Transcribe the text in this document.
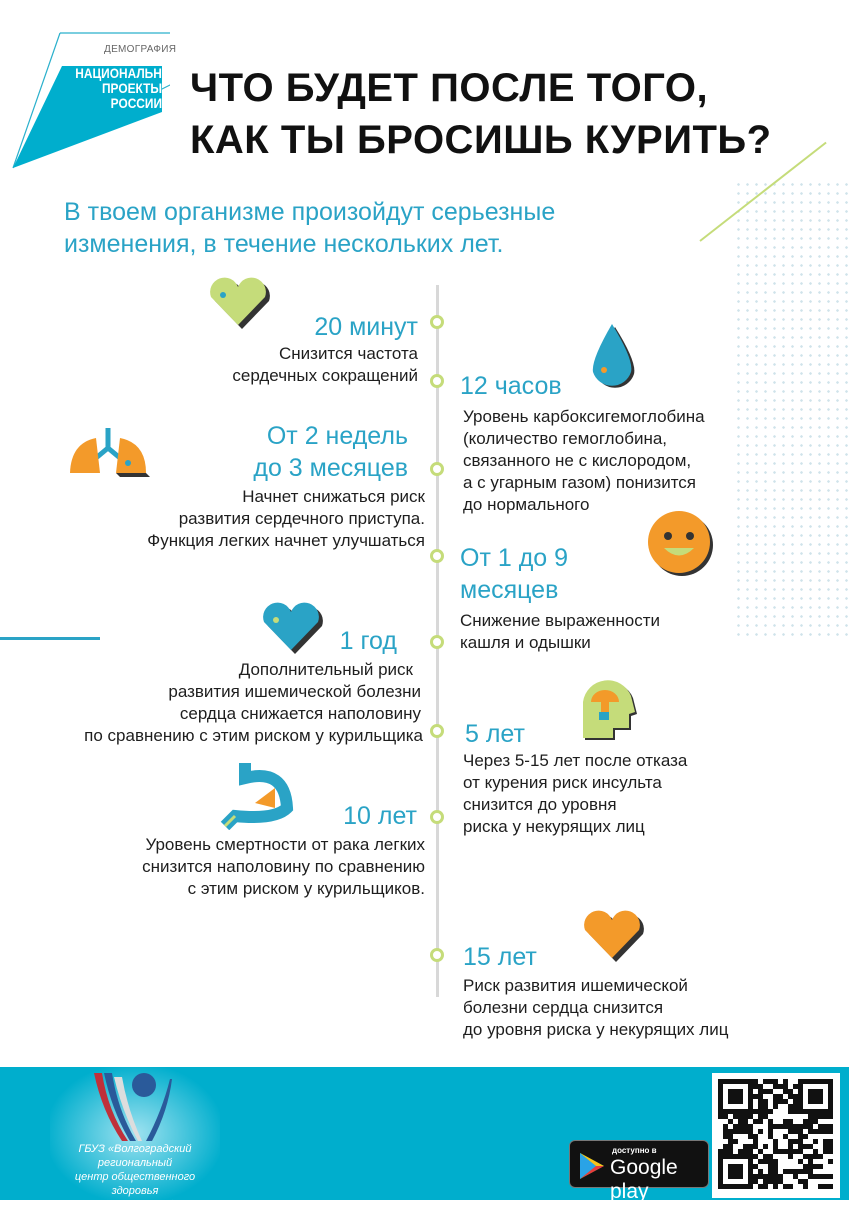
ДЕМОГРАФИЯ
НАЦИОНАЛЬНЫЕ
ПРОЕКТЫ
РОССИИ ЧТО БУДЕТ ПОСЛЕ ТОГО,
КАК ТЫ БРОСИШЬ КУРИТЬ?
В твоем организме произойдут серьезные
изменения, в течение нескольких лет.
20 минут
Снизится частота
сердечных сокращений 12 часов
Уровень карбоксигемоглобина
(количество гемоглобина,
связанного не с кислородом,
а с угарным газом) понизится
до нормального
От 2 недель
до 3 месяцев
Начнет снижаться риск
развития сердечного приступа.
Функция легких начнет улучшаться
От 1 до 9
месяцев
Снижение выраженности
кашля и одышки
1 год
Дополнительный риск
развития ишемической болезни
сердца снижается наполовину
по сравнению с этим риском у курильщика 5 лет
Через 5-15 лет после отказа
от курения риск инсульта
снизится до уровня
риска у некурящих лиц
10 лет
Уровень смертности от рака легких
снизится наполовину по сравнению
с этим риском у курильщиков.
15 лет
Риск развития ишемической
болезни сердца снизится
до уровня риска у некурящих лиц
ГБУЗ «Волгоградский региональный
центр общественного здоровья
и медицинской профилактики»
доступно в
Google play
